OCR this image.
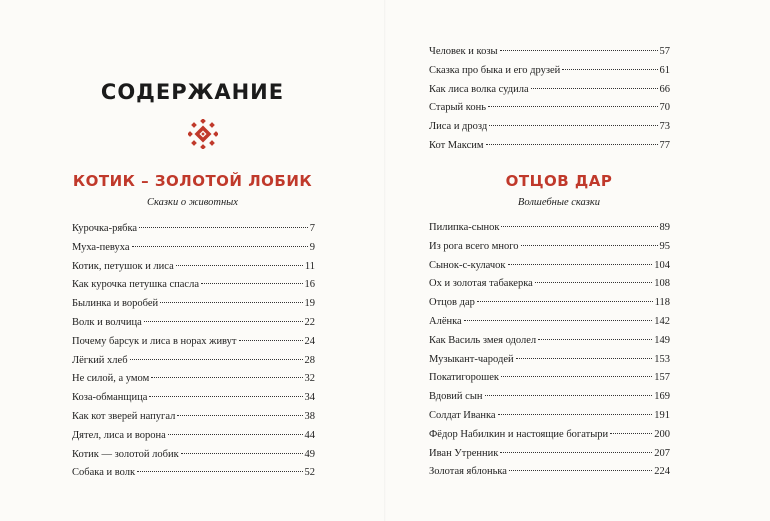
СОДЕРЖАНИЕ
КОТИК – ЗОЛОТОЙ ЛОБИК
Сказки о животных
Курочка-рябка	7
Муха-певуха	9
Котик, петушок и лиса	11
Как курочка петушка спасла	16
Былинка и воробей	19
Волк и волчица	22
Почему барсук и лиса в норах живут	24
Лёгкий хлеб	28
Не силой, а умом	32
Коза-обманщица	34
Как кот зверей напугал	38
Дятел, лиса и ворона	44
Котик — золотой лобик	49
Собака и волк	52
Человек и козы	57
Сказка про быка и его друзей	61
Как лиса волка судила	66
Старый конь	70
Лиса и дрозд	73
Кот Максим	77
ОТЦОВ ДАР
Волшебные сказки
Пилипка-сынок	89
Из рога всего много	95
Сынок-с-кулачок	104
Ох и золотая табакерка	108
Отцов дар	118
Алёнка	142
Как Василь змея одолел	149
Музыкант-чародей	153
Покатигорошек	157
Вдовий сын	169
Солдат Иванка	191
Фёдор Набилкин и настоящие богатыри	200
Иван Утренник	207
Золотая яблонька	224
